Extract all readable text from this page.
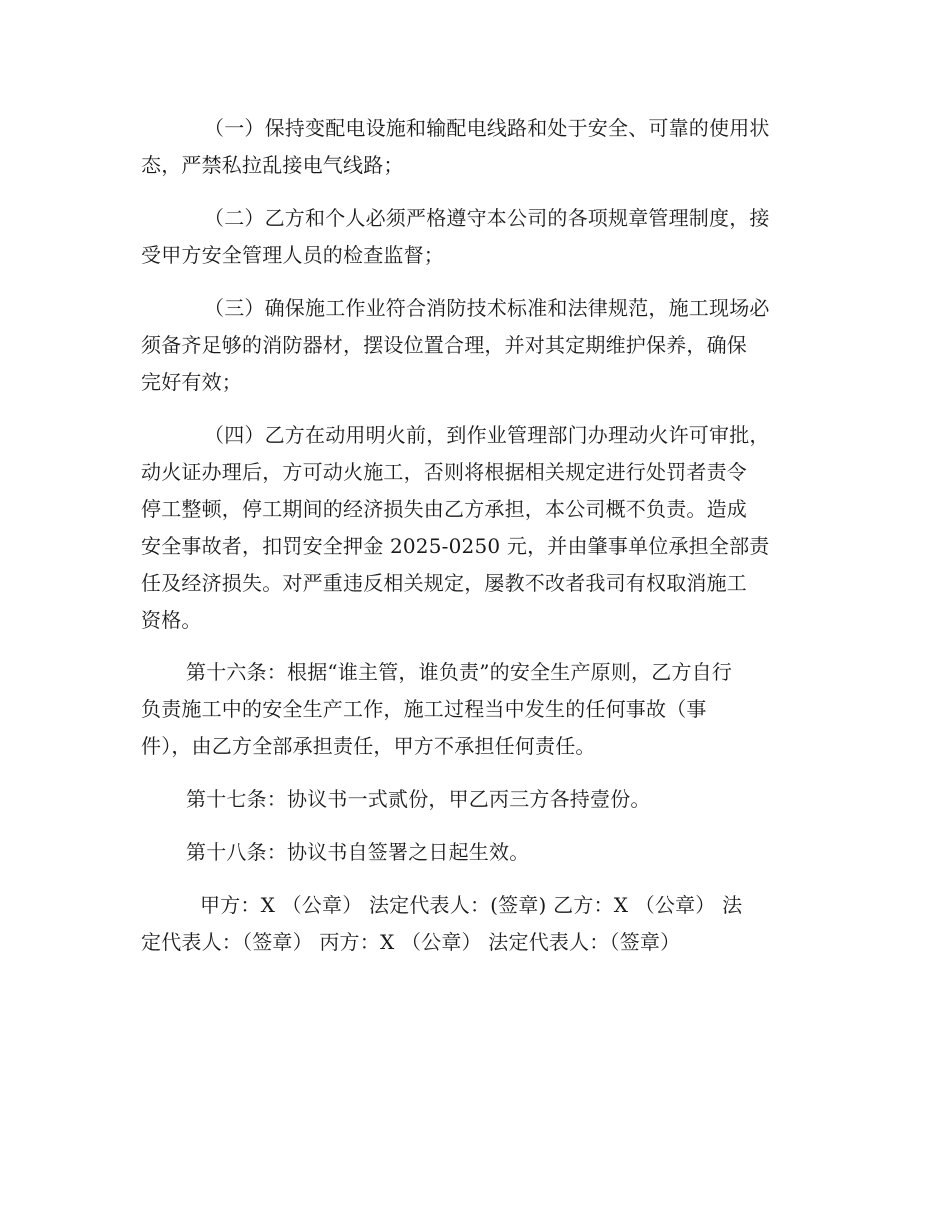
（一）保持变配电设施和输配电线路和处于安全、可靠的使用状
态，严禁私拉乱接电气线路；
（二）乙方和个人必须严格遵守本公司的各项规章管理制度，接
受甲方安全管理人员的检查监督；
（三）确保施工作业符合消防技术标准和法律规范，施工现场必
须备齐足够的消防器材，摆设位置合理，并对其定期维护保养，确保
完好有效；
（四）乙方在动用明火前，到作业管理部门办理动火许可审批，
动火证办理后，方可动火施工，否则将根据相关规定进行处罚者责令
停工整顿，停工期间的经济损失由乙方承担，本公司概不负责。造成
安全事故者，扣罚安全押金 2025-0250 元，并由肇事单位承担全部责
任及经济损失。对严重违反相关规定，屡教不改者我司有权取消施工
资格。
第十六条：根据“谁主管，谁负责”的安全生产原则，乙方自行
负责施工中的安全生产工作，施工过程当中发生的任何事故（事
件），由乙方全部承担责任，甲方不承担任何责任。
第十七条：协议书一式贰份，甲乙丙三方各持壹份。
第十八条：协议书自签署之日起生效。
甲方：X （公章） 法定代表人：(签章) 乙方：X （公章） 法
定代表人：（签章） 丙方：X （公章） 法定代表人：（签章）
